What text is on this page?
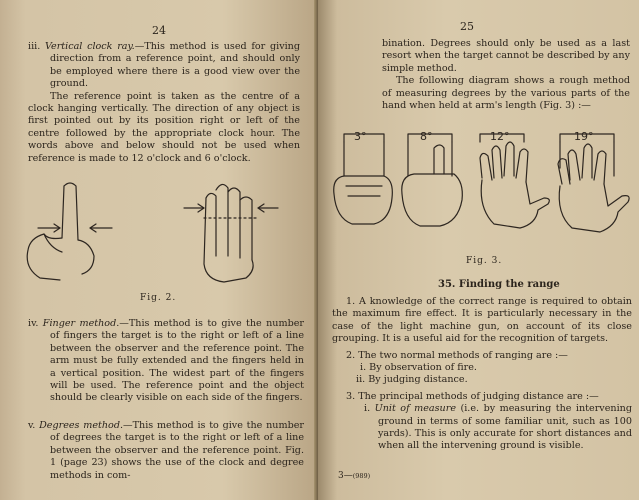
24

iii. Vertical clock ray.—This method is used for giving direction from a reference point, and should only be employed where there is a good view over the ground.

The reference point is taken as the centre of a clock hanging vertically. The direction of any object is first pointed out by its position right or left of the centre followed by the appropriate clock hour. The words above and below should not be used when reference is made to 12 o'clock and 6 o'clock.

Fig. 2.

iv. Finger method.—This method is to give the number of fingers the target is to the right or left of a line between the observer and the reference point. The arm must be fully extended and the fingers held in a vertical position. The widest part of the fingers will be used. The reference point and the object should be clearly visible on each side of the fingers.

v. Degrees method.—This method is to give the number of degrees the target is to the right or left of a line between the observer and the reference point. Fig. 1 (page 23) shows the use of the clock and degree methods in com-

25

bination. Degrees should only be used as a last resort when the target cannot be described by any simple method.

The following diagram shows a rough method of measuring degrees by the various parts of the hand when held at arm's length (Fig. 3) :—

3°	8°	12°	19°
Fig. 3.
35. Finding the range

1. A knowledge of the correct range is required to obtain the maximum fire effect. It is particularly necessary in the case of the light machine gun, on account of its close grouping. It is a useful aid for the recognition of targets.

2. The two normal methods of ranging are :—

i. By observation of fire.

ii. By judging distance.

3. The principal methods of judging distance are :—

i. Unit of measure (i.e. by measuring the intervening ground in terms of some familiar unit, such as 100 yards). This is only accurate for short distances and when all the intervening ground is visible.

3—(989)
